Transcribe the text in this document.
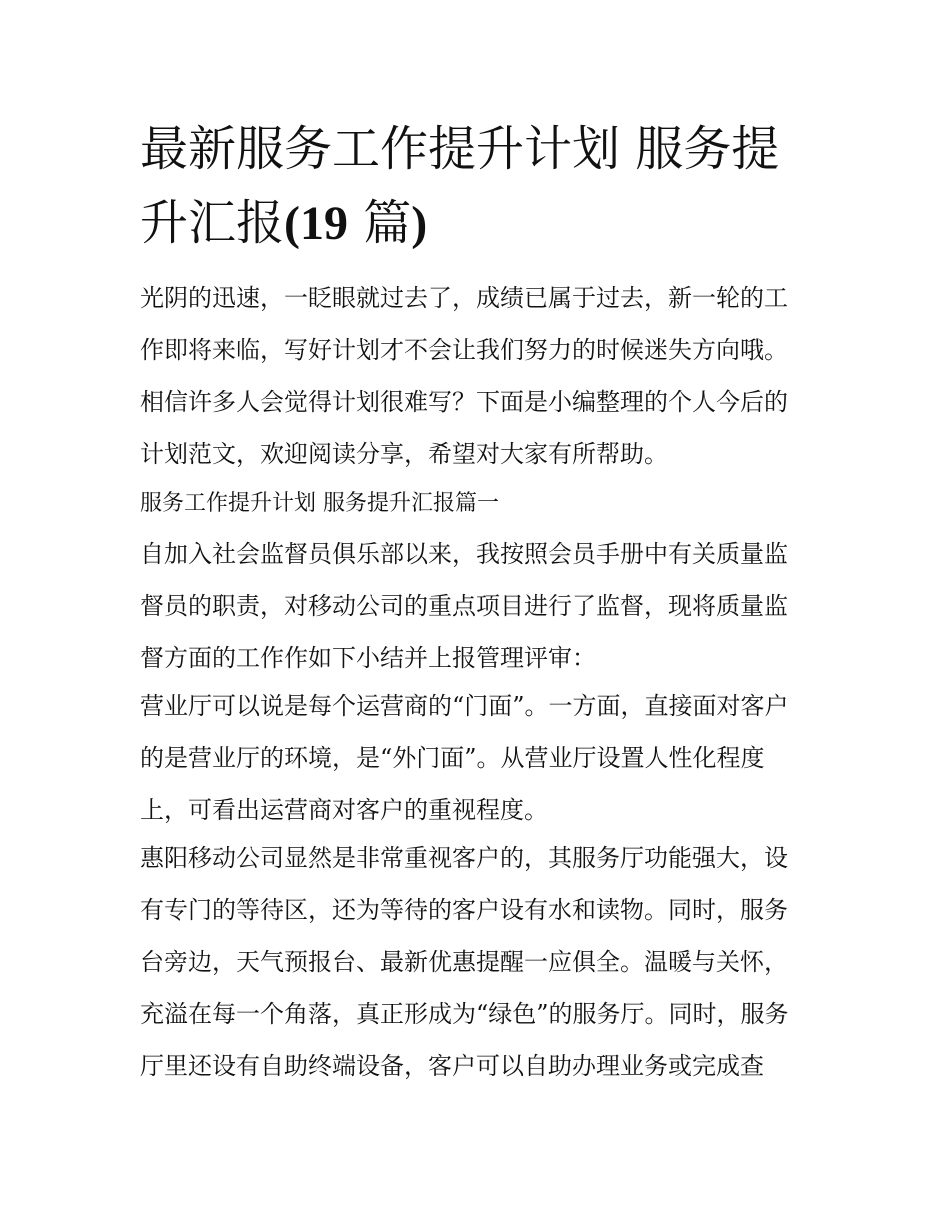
最新服务工作提升计划 服务提
升汇报(19 篇)
光阴的迅速，一眨眼就过去了，成绩已属于过去，新一轮的工
作即将来临，写好计划才不会让我们努力的时候迷失方向哦。
相信许多人会觉得计划很难写？下面是小编整理的个人今后的
计划范文，欢迎阅读分享，希望对大家有所帮助。
服务工作提升计划 服务提升汇报篇一
自加入社会监督员俱乐部以来，我按照会员手册中有关质量监
督员的职责，对移动公司的重点项目进行了监督，现将质量监
督方面的工作作如下小结并上报管理评审：
营业厅可以说是每个运营商的“门面”。一方面，直接面对客户
的是营业厅的环境，是“外门面”。从营业厅设置人性化程度
上，可看出运营商对客户的重视程度。
惠阳移动公司显然是非常重视客户的，其服务厅功能强大，设
有专门的等待区，还为等待的客户设有水和读物。同时，服务
台旁边，天气预报台、最新优惠提醒一应俱全。温暖与关怀，
充溢在每一个角落，真正形成为“绿色”的服务厅。同时，服务
厅里还设有自助终端设备，客户可以自助办理业务或完成查
